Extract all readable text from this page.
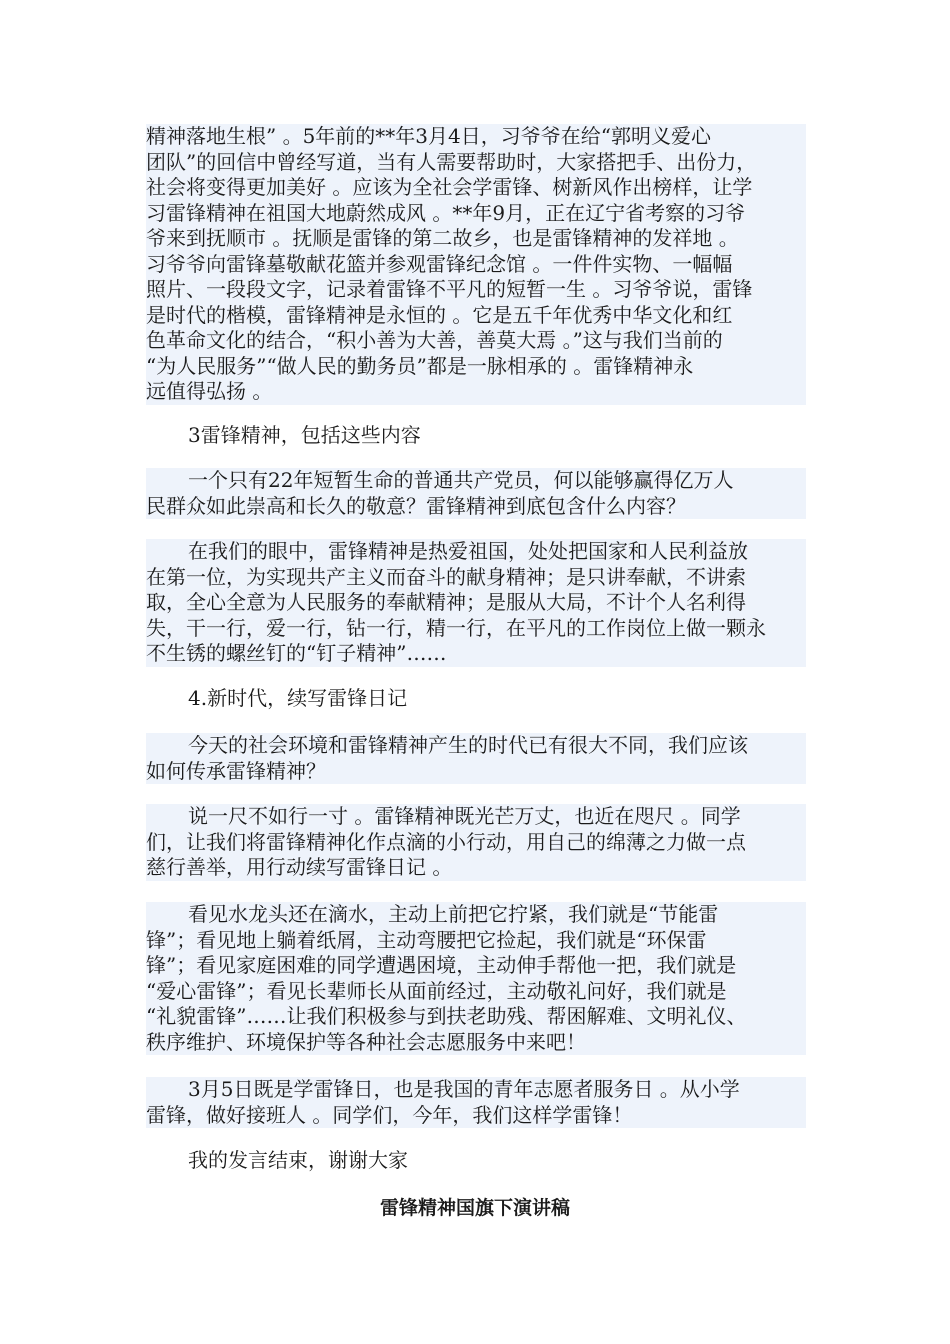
精神落地生根” 。5年前的**年3月4日，习爷爷在给“郭明义爱心
团队”的回信中曾经写道，当有人需要帮助时，大家搭把手、出份力，
社会将变得更加美好 。应该为全社会学雷锋、树新风作出榜样，让学
习雷锋精神在祖国大地蔚然成风 。**年9月，正在辽宁省考察的习爷
爷来到抚顺市 。抚顺是雷锋的第二故乡，也是雷锋精神的发祥地 。
习爷爷向雷锋墓敬献花篮并参观雷锋纪念馆 。一件件实物、一幅幅
照片、一段段文字，记录着雷锋不平凡的短暂一生 。习爷爷说，雷锋
是时代的楷模，雷锋精神是永恒的 。它是五千年优秀中华文化和红
色革命文化的结合，“积小善为大善，善莫大焉 。”这与我们当前的
“为人民服务”“做人民的勤务员”都是一脉相承的 。雷锋精神永
远值得弘扬 。

3雷锋精神，包括这些内容

一个只有22年短暂生命的普通共产党员，何以能够赢得亿万人
民群众如此崇高和长久的敬意？雷锋精神到底包含什么内容？

在我们的眼中，雷锋精神是热爱祖国，处处把国家和人民利益放
在第一位，为实现共产主义而奋斗的献身精神；是只讲奉献，不讲索
取，全心全意为人民服务的奉献精神；是服从大局，不计个人名利得
失，干一行，爱一行，钻一行，精一行，在平凡的工作岗位上做一颗永
不生锈的螺丝钉的“钉子精神”……

4.新时代，续写雷锋日记

今天的社会环境和雷锋精神产生的时代已有很大不同，我们应该
如何传承雷锋精神？

说一尺不如行一寸 。雷锋精神既光芒万丈，也近在咫尺 。同学
们，让我们将雷锋精神化作点滴的小行动，用自己的绵薄之力做一点
慈行善举，用行动续写雷锋日记 。

看见水龙头还在滴水，主动上前把它拧紧，我们就是“节能雷
锋”；看见地上躺着纸屑，主动弯腰把它捡起，我们就是“环保雷
锋”；看见家庭困难的同学遭遇困境，主动伸手帮他一把，我们就是
“爱心雷锋”；看见长辈师长从面前经过，主动敬礼问好，我们就是
“礼貌雷锋”……让我们积极参与到扶老助残、帮困解难、文明礼仪、
秩序维护、环境保护等各种社会志愿服务中来吧！

3月5日既是学雷锋日，也是我国的青年志愿者服务日 。从小学
雷锋，做好接班人 。同学们，今年，我们这样学雷锋！

我的发言结束，谢谢大家

雷锋精神国旗下演讲稿
